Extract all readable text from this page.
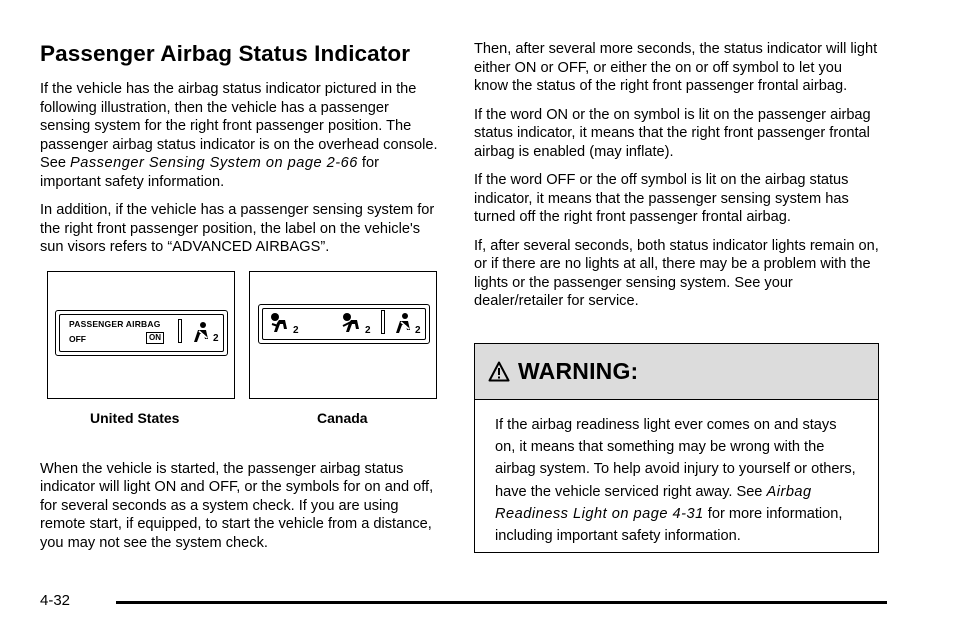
Passenger Airbag Status Indicator

If the vehicle has the airbag status indicator pictured in the following illustration, then the vehicle has a passenger sensing system for the right front passenger position. The passenger airbag status indicator is on the overhead console. See Passenger Sensing System on page 2-66 for important safety information.

In addition, if the vehicle has a passenger sensing system for the right front passenger position, the label on the vehicle's sun visors refers to “ADVANCED AIRBAGS”.

PASSENGER AIRBAG
OFF	ON	2
2	2	2
United States	Canada

When the vehicle is started, the passenger airbag status indicator will light ON and OFF, or the symbols for on and off, for several seconds as a system check. If you are using remote start, if equipped, to start the vehicle from a distance, you may not see the system check.

Then, after several more seconds, the status indicator will light either ON or OFF, or either the on or off symbol to let you know the status of the right front passenger frontal airbag.

If the word ON or the on symbol is lit on the passenger airbag status indicator, it means that the right front passenger frontal airbag is enabled (may inflate).

If the word OFF or the off symbol is lit on the airbag status indicator, it means that the passenger sensing system has turned off the right front passenger frontal airbag.

If, after several seconds, both status indicator lights remain on, or if there are no lights at all, there may be a problem with the lights or the passenger sensing system. See your dealer/retailer for service.

WARNING:
If the airbag readiness light ever comes on and stays on, it means that something may be wrong with the airbag system. To help avoid injury to yourself or others, have the vehicle serviced right away. See Airbag Readiness Light on page 4-31 for more information, including important safety information.
4-32
